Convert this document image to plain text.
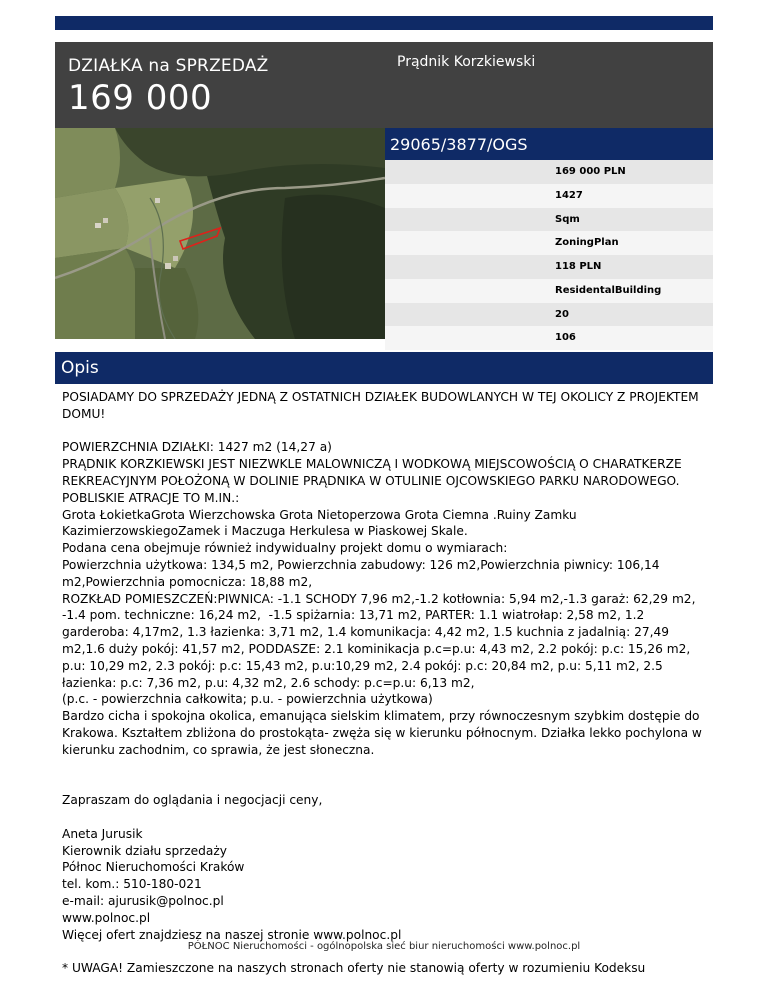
DZIAŁKA na SPRZEDAŻ
169 000
Prądnik Korzkiewski
29065/3877/OGS
169 000 PLN
1427
Sqm
ZoningPlan
118 PLN
ResidentalBuilding
20
106
Opis

POSIADAMY DO SPRZEDAŻY JEDNĄ Z OSTATNICH DZIAŁEK BUDOWLANYCH W TEJ OKOLICY Z PROJEKTEM DOMU!

POWIERZCHNIA DZIAŁKI: 1427 m2 (14,27 a)
PRĄDNIK KORZKIEWSKI JEST NIEZWKLE MALOWNICZĄ I WODKOWĄ MIEJSCOWOŚCIĄ O CHARATKERZE REKREACYJNYM POŁOŻONĄ W DOLINIE PRĄDNIKA W OTULINIE OJCOWSKIEGO PARKU NARODOWEGO. POBLISKIE ATRACJE TO M.IN.:
Grota ŁokietkaGrota Wierzchowska Grota Nietoperzowa Grota Ciemna .Ruiny Zamku KazimierzowskiegoZamek i Maczuga Herkulesa w Piaskowej Skale.
Podana cena obejmuje również indywidualny projekt domu o wymiarach:
Powierzchnia użytkowa: 134,5 m2, Powierzchnia zabudowy: 126 m2,Powierzchnia piwnicy: 106,14 m2,Powierzchnia pomocnicza: 18,88 m2,
ROZKŁAD POMIESZCZEŃ:PIWNICA: -1.1 SCHODY 7,96 m2,-1.2 kotłownia: 5,94 m2,-1.3 garaż: 62,29 m2, -1.4 pom. techniczne: 16,24 m2,  -1.5 spiżarnia: 13,71 m2, PARTER: 1.1 wiatrołap: 2,58 m2, 1.2 garderoba: 4,17m2, 1.3 łazienka: 3,71 m2, 1.4 komunikacja: 4,42 m2, 1.5 kuchnia z jadalnią: 27,49 m2,1.6 duży pokój: 41,57 m2, PODDASZE: 2.1 kominikacja p.c=p.u: 4,43 m2, 2.2 pokój: p.c: 15,26 m2, p.u: 10,29 m2, 2.3 pokój: p.c: 15,43 m2, p.u:10,29 m2, 2.4 pokój: p.c: 20,84 m2, p.u: 5,11 m2, 2.5 łazienka: p.c: 7,36 m2, p.u: 4,32 m2, 2.6 schody: p.c=p.u: 6,13 m2,
(p.c. - powierzchnia całkowita; p.u. - powierzchnia użytkowa)
Bardzo cicha i spokojna okolica, emanująca sielskim klimatem, przy równoczesnym szybkim dostępie do Krakowa. Kształtem zbliżona do prostokąta- zwęża się w kierunku północnym. Działka lekko pochylona w kierunku zachodnim, co sprawia, że jest słoneczna.

Zapraszam do oglądania i negocjacji ceny,

Aneta Jurusik
Kierownik działu sprzedaży
Północ Nieruchomości Kraków
tel. kom.: 510-180-021
e-mail: ajurusik@polnoc.pl
www.polnoc.pl
Więcej ofert znajdziesz na naszej stronie www.polnoc.pl

* UWAGA! Zamieszczone na naszych stronach oferty nie stanowią oferty w rozumieniu Kodeksu

PÓŁNOC Nieruchomości - ogólnopolska sieć biur nieruchomości www.polnoc.pl
